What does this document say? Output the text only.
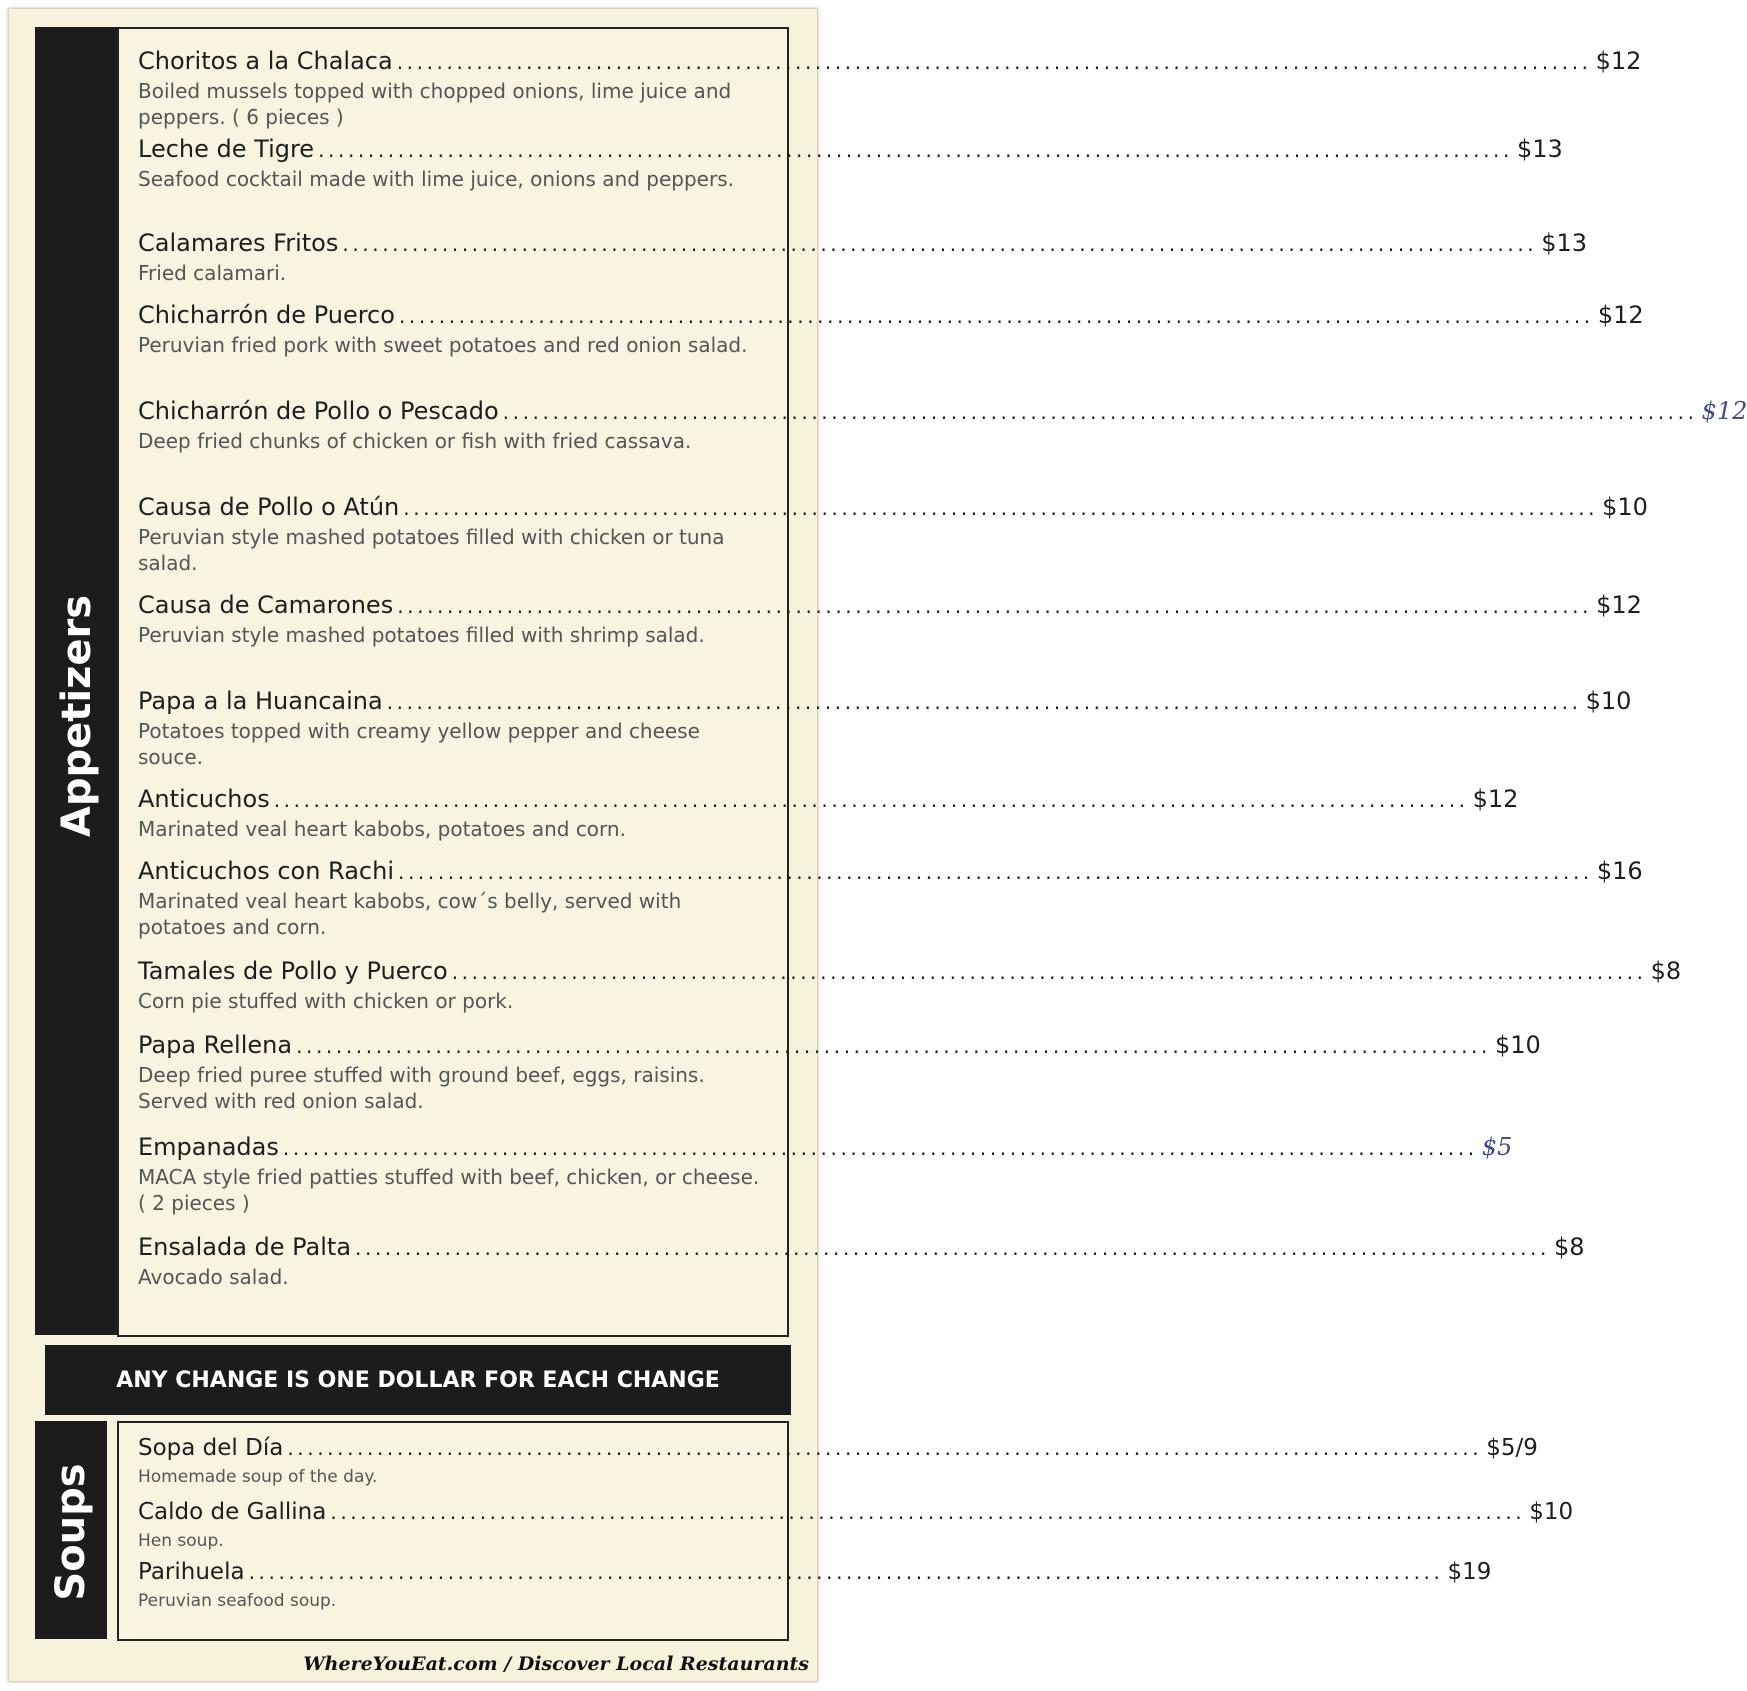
Appetizers
Choritos a la Chalaca ........................................................................................................................ $12
Boiled mussels topped with chopped onions, lime juice and peppers. ( 6 pieces )
Leche de Tigre ........................................................................................................................ $13
Seafood cocktail made with lime juice, onions and peppers.
Calamares Fritos ........................................................................................................................ $13
Fried calamari.
Chicharrón de Puerco ........................................................................................................................ $12
Peruvian fried pork with sweet potatoes and red onion salad.
Chicharrón de Pollo o Pescado ........................................................................................................................ $12
Deep fried chunks of chicken or fish with fried cassava.
Causa de Pollo o Atún ........................................................................................................................ $10
Peruvian style mashed potatoes filled with chicken or tuna salad.
Causa de Camarones ........................................................................................................................ $12
Peruvian style mashed potatoes filled with shrimp salad.
Papa a la Huancaina ........................................................................................................................ $10
Potatoes topped with creamy yellow pepper and cheese souce.
Anticuchos ........................................................................................................................ $12
Marinated veal heart kabobs, potatoes and corn.
Anticuchos con Rachi ........................................................................................................................ $16
Marinated veal heart kabobs, cow´s belly, served with potatoes and corn.
Tamales de Pollo y Puerco ........................................................................................................................ $8
Corn pie stuffed with chicken or pork.
Papa Rellena ........................................................................................................................ $10
Deep fried puree stuffed with ground beef, eggs, raisins. Served with red onion salad.
Empanadas ........................................................................................................................ $5
MACA style fried patties stuffed with beef, chicken, or cheese. ( 2 pieces )
Ensalada de Palta ........................................................................................................................ $8
Avocado salad.
ANY CHANGE IS ONE DOLLAR FOR EACH CHANGE
Soups
Sopa del Día ........................................................................................................................ $5/9
Homemade soup of the day.
Caldo de Gallina ........................................................................................................................ $10
Hen soup.
Parihuela ........................................................................................................................ $19
Peruvian seafood soup.
WhereYouEat.com / Discover Local Restaurants
